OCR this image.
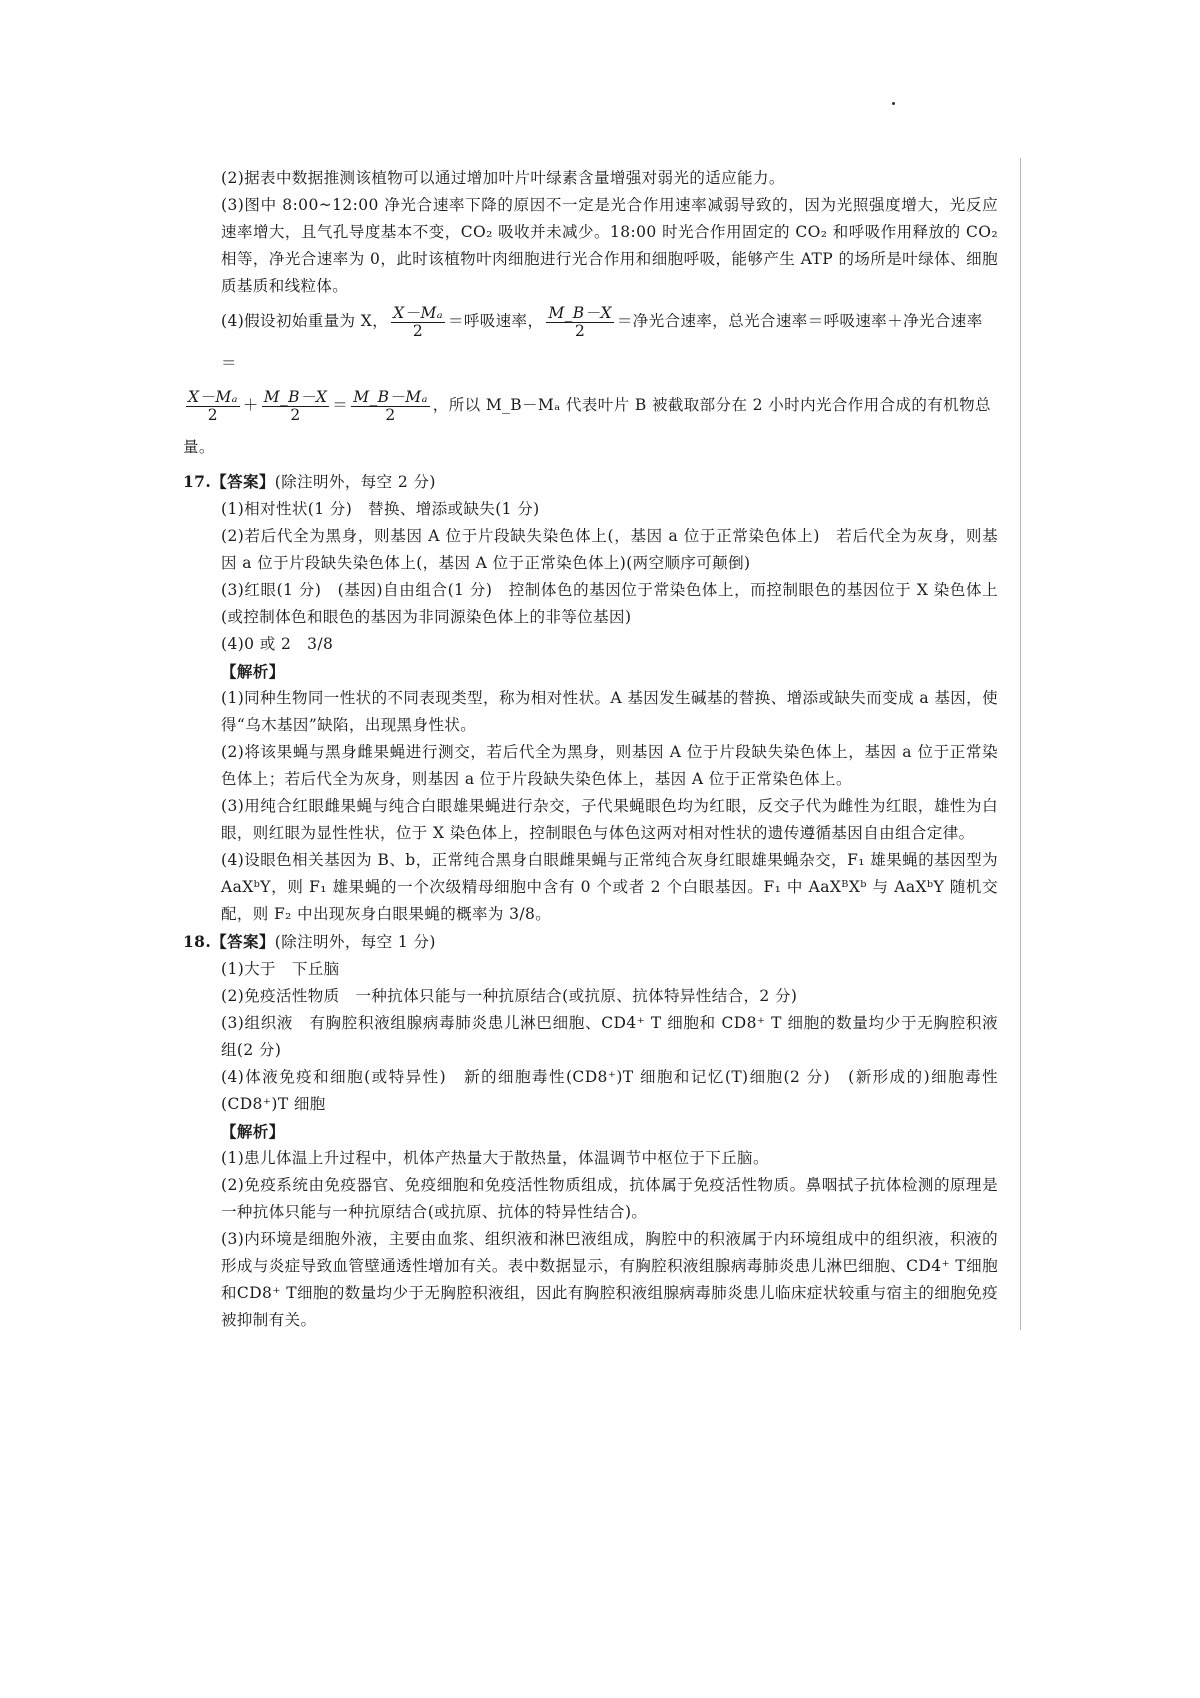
(2)据表中数据推测该植物可以通过增加叶片叶绿素含量增强对弱光的适应能力。

(3)图中 8:00~12:00 净光合速率下降的原因不一定是光合作用速率减弱导致的，因为光照强度增大，光反应速率增大，且气孔导度基本不变，CO₂ 吸收并未减少。18:00 时光合作用固定的 CO₂ 和呼吸作用释放的 CO₂ 相等，净光合速率为 0，此时该植物叶肉细胞进行光合作用和细胞呼吸，能够产生 ATP 的场所是叶绿体、细胞质基质和线粒体。

(4)假设初始重量为 X， $\frac{\text{X－Mₐ}}{2}$ ＝呼吸速率， $\frac{M\_B-X}{2}$ ＝净光合速率，总光合速率＝呼吸速率＋净光合速率＝

$\frac{\text{X－Mₐ}}{2} + \frac{M\_B-X}{2} = \frac{\text{M\_B－Mₐ}}{2}$ ，所以 M_B－Mₐ 代表叶片 B 被截取部分在 2 小时内光合作用合成的有机物总量。

17.【答案】(除注明外，每空 2 分)

(1)相对性状(1 分)　替换、增添或缺失(1 分)

(2)若后代全为黑身，则基因 A 位于片段缺失染色体上(，基因 a 位于正常染色体上)　若后代全为灰身，则基因 a 位于片段缺失染色体上(，基因 A 位于正常染色体上)(两空顺序可颠倒)

(3)红眼(1 分)　(基因)自由组合(1 分)　控制体色的基因位于常染色体上，而控制眼色的基因位于 X 染色体上(或控制体色和眼色的基因为非同源染色体上的非等位基因)

(4)0 或 2　3/8

【解析】

(1)同种生物同一性状的不同表现类型，称为相对性状。A 基因发生碱基的替换、增添或缺失而变成 a 基因，使得“乌木基因”缺陷，出现黑身性状。

(2)将该果蝇与黑身雌果蝇进行测交，若后代全为黑身，则基因 A 位于片段缺失染色体上，基因 a 位于正常染色体上；若后代全为灰身，则基因 a 位于片段缺失染色体上，基因 A 位于正常染色体上。

(3)用纯合红眼雌果蝇与纯合白眼雄果蝇进行杂交，子代果蝇眼色均为红眼，反交子代为雌性为红眼，雄性为白眼，则红眼为显性性状，位于 X 染色体上，控制眼色与体色这两对相对性状的遗传遵循基因自由组合定律。

(4)设眼色相关基因为 B、b，正常纯合黑身白眼雌果蝇与正常纯合灰身红眼雄果蝇杂交，F₁ 雄果蝇的基因型为 AaXᵇY，则 F₁ 雄果蝇的一个次级精母细胞中含有 0 个或者 2 个白眼基因。F₁ 中 AaXᴮXᵇ 与 AaXᵇY 随机交配，则 F₂ 中出现灰身白眼果蝇的概率为 3/8。

18.【答案】(除注明外，每空 1 分)

(1)大于　下丘脑

(2)免疫活性物质　一种抗体只能与一种抗原结合(或抗原、抗体特异性结合，2 分)

(3)组织液　有胸腔积液组腺病毒肺炎患儿淋巴细胞、CD4⁺ T 细胞和 CD8⁺ T 细胞的数量均少于无胸腔积液组(2 分)

(4)体液免疫和细胞(或特异性)　新的细胞毒性(CD8⁺)T 细胞和记忆(T)细胞(2 分)　(新形成的)细胞毒性(CD8⁺)T 细胞

【解析】

(1)患儿体温上升过程中，机体产热量大于散热量，体温调节中枢位于下丘脑。

(2)免疫系统由免疫器官、免疫细胞和免疫活性物质组成，抗体属于免疫活性物质。鼻咽拭子抗体检测的原理是一种抗体只能与一种抗原结合(或抗原、抗体的特异性结合)。

(3)内环境是细胞外液，主要由血浆、组织液和淋巴液组成，胸腔中的积液属于内环境组成中的组织液，积液的形成与炎症导致血管壁通透性增加有关。表中数据显示，有胸腔积液组腺病毒肺炎患儿淋巴细胞、CD4⁺ T细胞和CD8⁺ T细胞的数量均少于无胸腔积液组，因此有胸腔积液组腺病毒肺炎患儿临床症状较重与宿主的细胞免疫被抑制有关。
